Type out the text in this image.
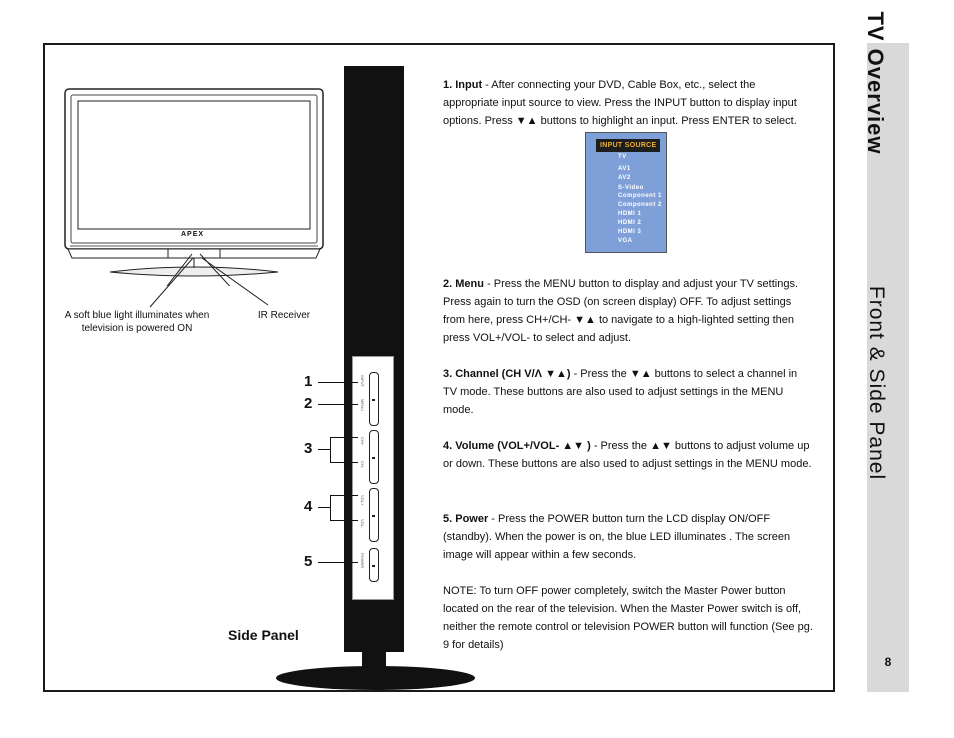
TV Overview
Front & Side Panel
8
APEX
A soft blue light illuminates when television is powered ON
IR Receiver
INPUT
MENU
CH+
CH-
VOL+
VOL-
POWER
1
2
3
4
5
Side Panel
1. Input - After connecting your DVD, Cable Box, etc., select the appropriate input source to view. Press the INPUT button to display input options. Press ▼▲ buttons to highlight an input. Press ENTER to select.
INPUT SOURCE
TV
AV1
AV2
S-Video
Component 1
Component 2
HDMI 1
HDMI 2
HDMI 3
VGA
2. Menu - Press the MENU button to display and adjust your TV settings. Press again to turn the OSD (on screen display) OFF. To adjust settings from here, press CH+/CH- ▼▲ to navigate to a high-lighted setting then press VOL+/VOL- to select and adjust.
3. Channel (CH V/Λ ▼▲) - Press the ▼▲ buttons to select a channel in TV mode. These buttons are also used to adjust settings in the MENU mode.
4. Volume (VOL+/VOL- ▲▼ ) - Press the ▲▼ buttons to adjust volume up or down. These buttons are also used to adjust settings in the MENU mode.
5. Power - Press the POWER button turn the LCD display ON/OFF (standby). When the power is on, the blue LED illuminates . The screen image will appear within a few seconds.
NOTE: To turn OFF power completely, switch the Master Power button located on the rear of the television. When the Master Power switch is off, neither the remote control or television POWER button will function (See pg. 9 for details)
